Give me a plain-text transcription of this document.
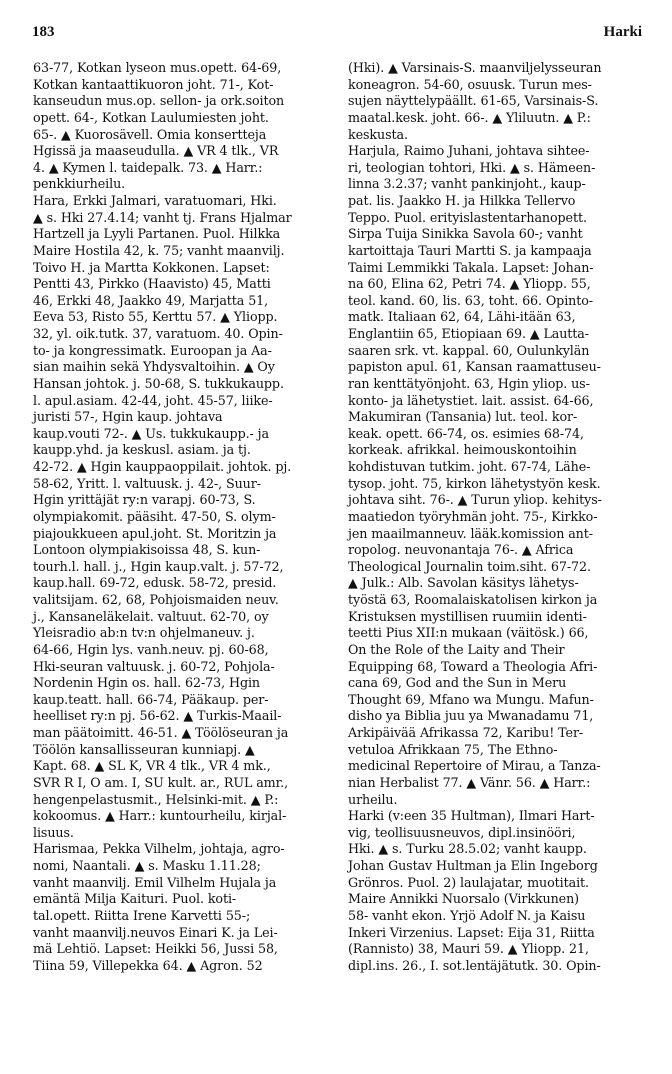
183	Harki
63-77, Kotkan lyseon mus.opett. 64-69,
Kotkan kantaattikuoron joht. 71-, Kot-
kanseudun mus.op. sellon- ja ork.soiton
opett. 64-, Kotkan Laulumiesten joht.
65-. ▲ Kuorosävell. Omia konsertteja
Hgissä ja maaseudulla. ▲ VR 4 tlk., VR
4. ▲ Kymen l. taidepalk. 73. ▲ Harr.:
penkkiurheilu.
Hara, Erkki Jalmari, varatuomari, Hki.
▲ s. Hki 27.4.14; vanht tj. Frans Hjalmar
Hartzell ja Lyyli Partanen. Puol. Hilkka
Maire Hostila 42, k. 75; vanht maanvilj.
Toivo H. ja Martta Kokkonen. Lapset:
Pentti 43, Pirkko (Haavisto) 45, Matti
46, Erkki 48, Jaakko 49, Marjatta 51,
Eeva 53, Risto 55, Kerttu 57. ▲ Yliopp.
32, yl. oik.tutk. 37, varatuom. 40. Opin-
to- ja kongressimatk. Euroopan ja Aa-
sian maihin sekä Yhdysvaltoihin. ▲ Oy
Hansan johtok. j. 50-68, S. tukkukaupp.
l. apul.asiam. 42-44, joht. 45-57, liike-
juristi 57-, Hgin kaup. johtava
kaup.vouti 72-. ▲ Us. tukkukaupp.- ja
kaupp.yhd. ja keskusl. asiam. ja tj.
42-72. ▲ Hgin kauppaoppilait. johtok. pj.
58-62, Yritt. l. valtuusk. j. 42-, Suur-
Hgin yrittäjät ry:n varapj. 60-73, S.
olympiakomit. pääsiht. 47-50, S. olym-
piajoukkueen apul.joht. St. Moritzin ja
Lontoon olympiakisoissa 48, S. kun-
tourh.l. hall. j., Hgin kaup.valt. j. 57-72,
kaup.hall. 69-72, edusk. 58-72, presid.
valitsijam. 62, 68, Pohjoismaiden neuv.
j., Kansaneläkelait. valtuut. 62-70, oy
Yleisradio ab:n tv:n ohjelmaneuv. j.
64-66, Hgin lys. vanh.neuv. pj. 60-68,
Hki-seuran valtuusk. j. 60-72, Pohjola-
Nordenin Hgin os. hall. 62-73, Hgin
kaup.teatt. hall. 66-74, Pääkaup. per-
heelliset ry:n pj. 56-62. ▲ Turkis-Maail-
man päätoimitt. 46-51. ▲ Töölöseuran ja
Töölön kansallisseuran kunniapj. ▲
Kapt. 68. ▲ SL K, VR 4 tlk., VR 4 mk.,
SVR R I, O am. I, SU kult. ar., RUL amr.,
hengenpelastusmit., Helsinki-mit. ▲ P.:
kokoomus. ▲ Harr.: kuntourheilu, kirjal-
lisuus.
Harismaa, Pekka Vilhelm, johtaja, agro-
nomi, Naantali. ▲ s. Masku 1.11.28;
vanht maanvilj. Emil Vilhelm Hujala ja
emäntä Milja Kaituri. Puol. koti-
tal.opett. Riitta Irene Karvetti 55-;
vanht maanvilj.neuvos Einari K. ja Lei-
mä Lehtiö. Lapset: Heikki 56, Jussi 58,
Tiina 59, Villepekka 64. ▲ Agron. 52
(Hki). ▲ Varsinais-S. maanviljelysseuran
koneagron. 54-60, osuusk. Turun mes-
sujen näyttelypäällt. 61-65, Varsinais-S.
maatal.kesk. joht. 66-. ▲ Yliluutn. ▲ P.:
keskusta.
Harjula, Raimo Juhani, johtava sihtee-
ri, teologian tohtori, Hki. ▲ s. Hämeen-
linna 3.2.37; vanht pankinjoht., kaup-
pat. lis. Jaakko H. ja Hilkka Tellervo
Teppo. Puol. erityislastentarhanopett.
Sirpa Tuija Sinikka Savola 60-; vanht
kartoittaja Tauri Martti S. ja kampaaja
Taimi Lemmikki Takala. Lapset: Johan-
na 60, Elina 62, Petri 74. ▲ Yliopp. 55,
teol. kand. 60, lis. 63, toht. 66. Opinto-
matk. Italiaan 62, 64, Lähi-itään 63,
Englantiin 65, Etiopiaan 69. ▲ Lautta-
saaren srk. vt. kappal. 60, Oulunkylän
papiston apul. 61, Kansan raamattuseu-
ran kenttätyönjoht. 63, Hgin yliop. us-
konto- ja lähetystiet. lait. assist. 64-66,
Makumiran (Tansania) lut. teol. kor-
keak. opett. 66-74, os. esimies 68-74,
korkeak. afrikkal. heimouskontoihin
kohdistuvan tutkim. joht. 67-74, Lähe-
tysop. joht. 75, kirkon lähetystyön kesk.
johtava siht. 76-. ▲ Turun yliop. kehitys-
maatiedon työryhmän joht. 75-, Kirkko-
jen maailmanneuv. lääk.komission ant-
ropolog. neuvonantaja 76-. ▲ Africa
Theological Journalin toim.siht. 67-72.
▲ Julk.: Alb. Savolan käsitys lähetys-
työstä 63, Roomalaiskatolisen kirkon ja
Kristuksen mystillisen ruumiin identi-
teetti Pius XII:n mukaan (väitösk.) 66,
On the Role of the Laity and Their
Equipping 68, Toward a Theologia Afri-
cana 69, God and the Sun in Meru
Thought 69, Mfano wa Mungu. Mafun-
disho ya Biblia juu ya Mwanadamu 71,
Arkipäivää Afrikassa 72, Karibu! Ter-
vetuloa Afrikkaan 75, The Ethno-
medicinal Repertoire of Mirau, a Tanza-
nian Herbalist 77. ▲ Vänr. 56. ▲ Harr.:
urheilu.
Harki (v:een 35 Hultman), Ilmari Hart-
vig, teollisuusneuvos, dipl.insinööri,
Hki. ▲ s. Turku 28.5.02; vanht kaupp.
Johan Gustav Hultman ja Elin Ingeborg
Grönros. Puol. 2) laulajatar, muotitait.
Maire Annikki Nuorsalo (Virkkunen)
58- vanht ekon. Yrjö Adolf N. ja Kaisu
Inkeri Virzenius. Lapset: Eija 31, Riitta
(Rannisto) 38, Mauri 59. ▲ Yliopp. 21,
dipl.ins. 26., I. sot.lentäjätutk. 30. Opin-
